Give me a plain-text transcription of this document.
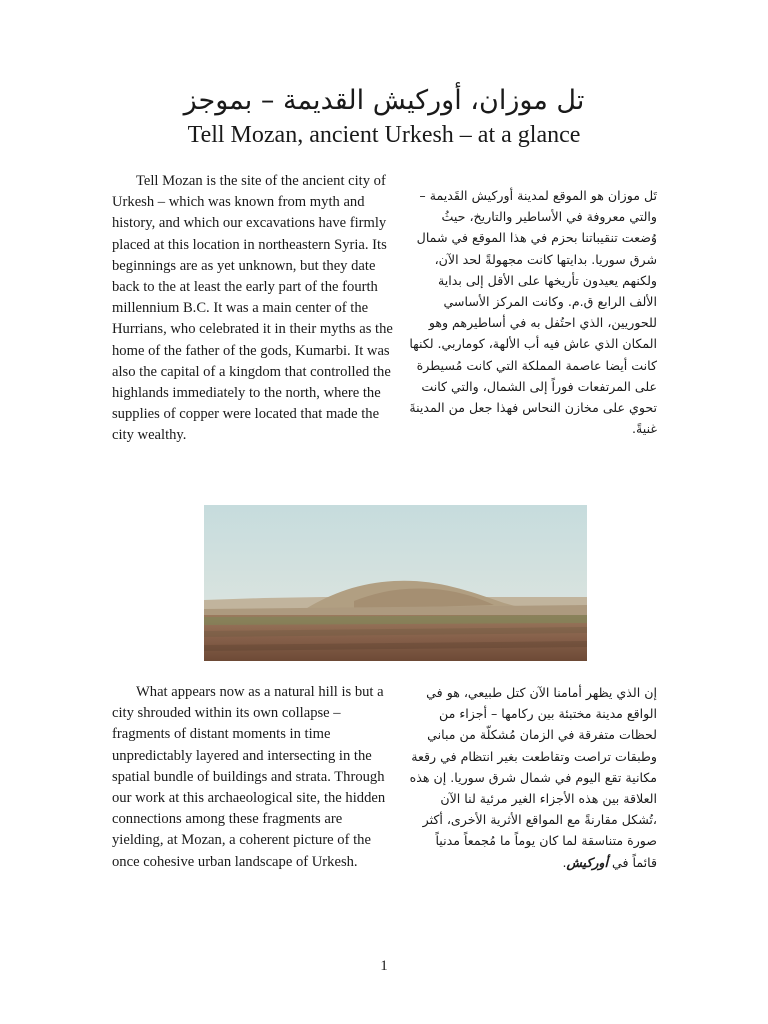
تل موزان، أوركيش القديمة – بموجز
Tell Mozan, ancient Urkesh – at a glance

Tell Mozan is the site of the ancient city of Urkesh – which was known from myth and history, and which our excavations have firmly placed at this location in northeastern Syria. Its beginnings are as yet unknown, but they date back to the at least the early part of the fourth millennium B.C. It was a main center of the Hurrians, who celebrated it in their myths as the home of the father of the gods, Kumarbi. It was also the capital of a kingdom that controlled the highlands immediately to the north, where the supplies of copper were located that made the city wealthy.

تَل موزان هو الموقع لمدينة أوركيش القَديمة – والتي معروفة في الأساطير والتاريخ، حيثُ وُضعت تنقيباتنا بحزم في هذا الموقع في شمال شرق سوريا. بدايتها كانت مجهولةً لحد الآن، ولكنهم يعيدون تأريخها على الأقل إلى بداية الألف الرابع ق.م. وكانت المركز الأساسي للحوريين، الذي احتُفل به في أساطيرهم وهو المكان الذي عاش فيه أب الألهة، كوماربي. لكنها كانت أيضا عاصمة المملكة التي كانت مُسيطرة على المرتفعات فوراً إلى الشمال، والتي كانت تحوي على مخازن النحاس فهذا جعل من المدينةَ غنيةً.

What appears now as a natural hill is but a city shrouded within its own collapse – fragments of distant moments in time unpredictably layered and intersecting in the spatial bundle of buildings and strata. Through our work at this archaeological site, the hidden connections among these fragments are yielding, at Mozan, a coherent picture of the once cohesive urban landscape of Urkesh.

إن الذي يظهر أمامنا الآن كتل طبيعي، هو في الواقع مدينة مختبئة بين ركامها – أجزاء من لحظات متفرقة في الزمان مُشكلّة من مباني وطبقات تراصت وتقاطعت بغير انتظام في رقعة مكانية تقع اليوم في شمال شرق سوريا. إن هذه العلاقة بين هذه الأجزاء الغير مرئية لنا الآن ،تُشكل مقارنةً مع المواقع الأثرية الأخرى، أكثر صورة متناسقة لما كان يوماً ما مُجمعاً مدنياً قائماً في أوركيش.

1
